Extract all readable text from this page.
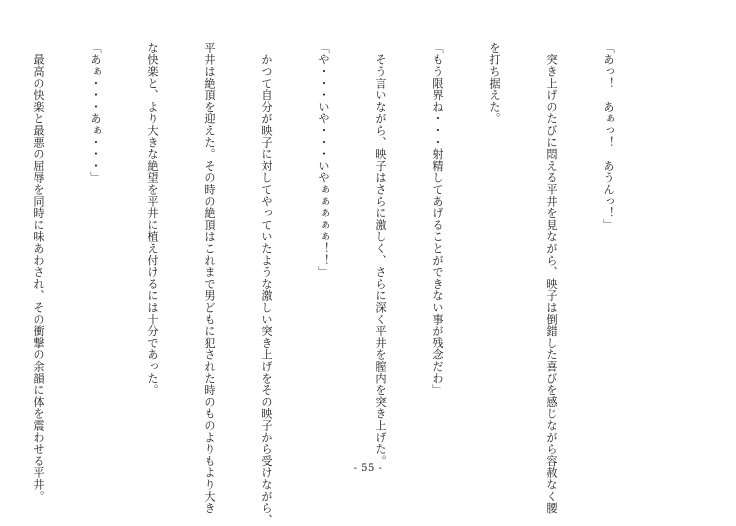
「あっ！　あぁっ！　あうんっ！」

　突き上げのたびに悶える平井を見ながら、映子は倒錯した喜びを感じながら容赦なく腰

を打ち据えた。

「もう限界ね・・・射精してあげることができない事が残念だわ」

　そう言いながら、映子はさらに激しく、さらに深く平井を膣内を突き上げた。

「や・・・いや・・・いやぁぁぁぁぁ！！」

　かつて自分が映子に対してやっていたような激しい突き上げをその映子から受けながら、

平井は絶頂を迎えた。その時の絶頂はこれまで男どもに犯された時のものよりもより大き

な快楽と、より大きな絶望を平井に植え付けるには十分であった。

「あぁ・・・あぁ・・・」

　最高の快楽と最悪の屈辱を同時に味あわされ、その衝撃の余韻に体を震わせる平井。

	- 55 -
